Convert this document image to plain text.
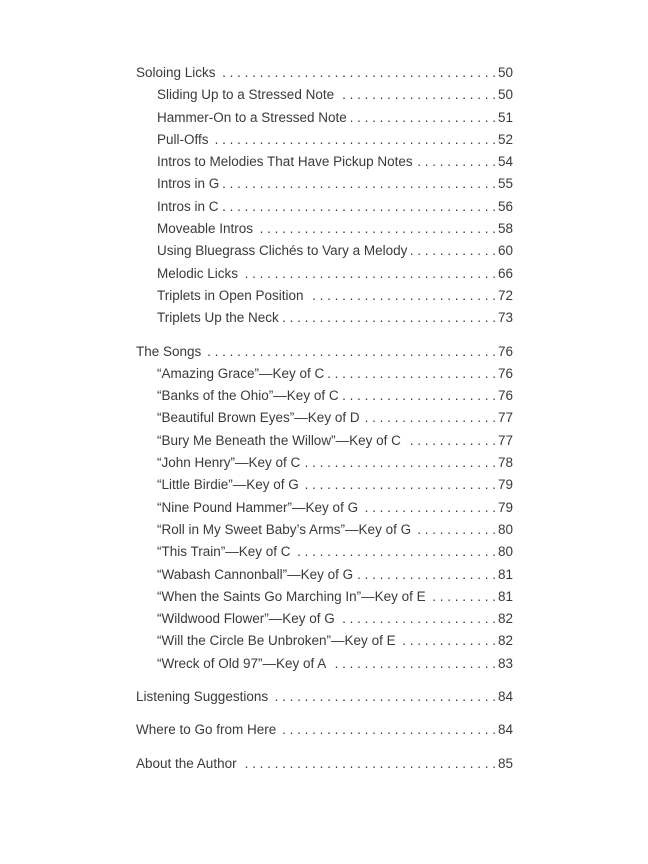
Soloing Licks . . .	50
Sliding Up to a Stressed Note . . .	50
Hammer-On to a Stressed Note . . .	51
Pull-Offs . . .	52
Intros to Melodies That Have Pickup Notes . . .	54
Intros in G . . .	55
Intros in C . . .	56
Moveable Intros . . .	58
Using Bluegrass Clichés to Vary a Melody . . .	60
Melodic Licks . . .	66
Triplets in Open Position . . .	72
Triplets Up the Neck . . .	73
The Songs . . .	76
“Amazing Grace”—Key of C . . .	76
“Banks of the Ohio”—Key of C . . .	76
“Beautiful Brown Eyes”—Key of D . . .	77
“Bury Me Beneath the Willow”—Key of C . . .	77
“John Henry”—Key of C . . .	78
“Little Birdie”—Key of G . . .	79
“Nine Pound Hammer”—Key of G . . .	79
“Roll in My Sweet Baby’s Arms”—Key of G . . .	80
“This Train”—Key of C . . .	80
“Wabash Cannonball”—Key of G . . .	81
“When the Saints Go Marching In”—Key of E . . .	81
“Wildwood Flower”—Key of G . . .	82
“Will the Circle Be Unbroken”—Key of E . . .	82
“Wreck of Old 97”—Key of A . . .	83
Listening Suggestions . . .	84
Where to Go from Here . . .	84
About the Author . . .	85
